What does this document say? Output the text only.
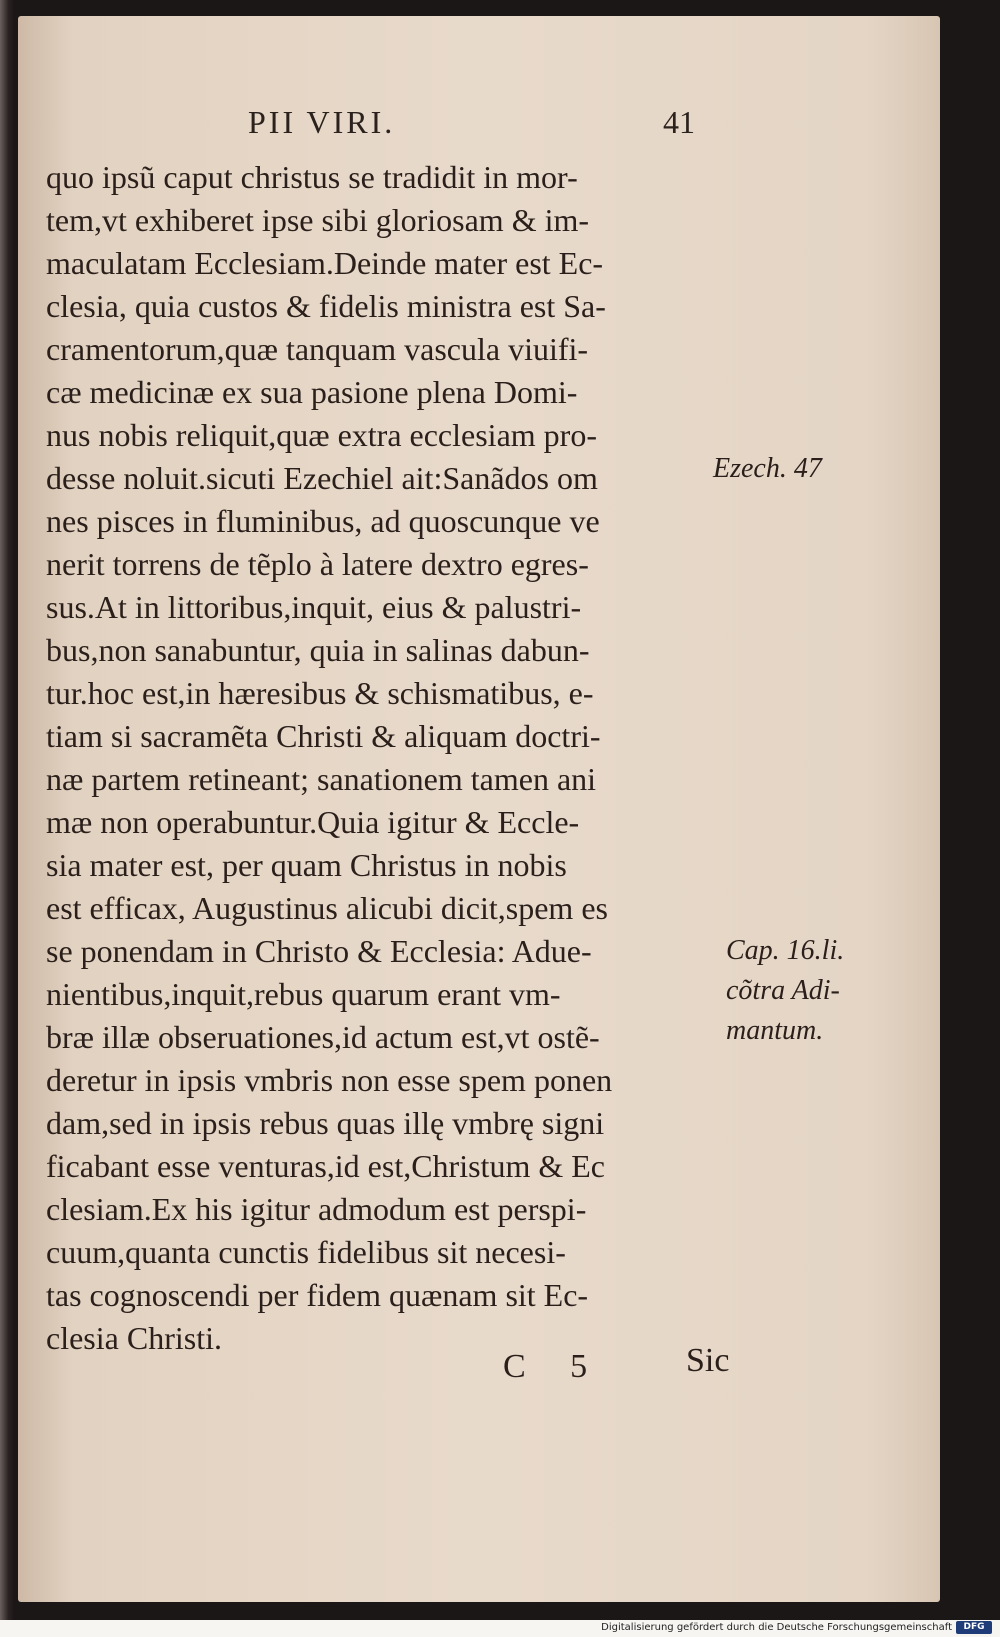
PII VIRI.	41
quo ipsũ caput christus se tradidit in mor-
tem,vt exhiberet ipse sibi gloriosam & im-
maculatam Ecclesiam.Deinde mater est Ec-
clesia, quia custos & fidelis ministra est Sa-
cramentorum,quæ tanquam vascula viuifi-
cæ medicinæ ex sua pasione plena Domi-
nus nobis reliquit,quæ extra ecclesiam pro-
desse noluit.sicuti Ezechiel ait:Sanãdos om
nes pisces in fluminibus, ad quoscunque ve
nerit torrens de tẽplo à latere dextro egres-
sus.At in littoribus,inquit, eius & palustri-
bus,non sanabuntur, quia in salinas dabun-
tur.hoc est,in hæresibus & schismatibus, e-
tiam si sacramẽta Christi & aliquam doctri-
næ partem retineant; sanationem tamen ani
mæ non operabuntur.Quia igitur & Eccle-
sia mater est, per quam Christus in nobis
est efficax, Augustinus alicubi dicit,spem es
se ponendam in Christo & Ecclesia: Adue-
nientibus,inquit,rebus quarum erant vm-
bræ illæ obseruationes,id actum est,vt ostẽ-
deretur in ipsis vmbris non esse spem ponen
dam,sed in ipsis rebus quas illę vmbrę signi
ficabant esse venturas,id est,Christum & Ec
clesiam.Ex his igitur admodum est perspi-
cuum,quanta cunctis fidelibus sit necesi-
tas cognoscendi per fidem quænam sit Ec-
clesia Christi.
Ezech. 47
Cap. 16.li.
cõtra Adi-
mantum.
C 5 Sic
Digitalisierung gefördert durch die Deutsche Forschungsgemeinschaft	DFG
